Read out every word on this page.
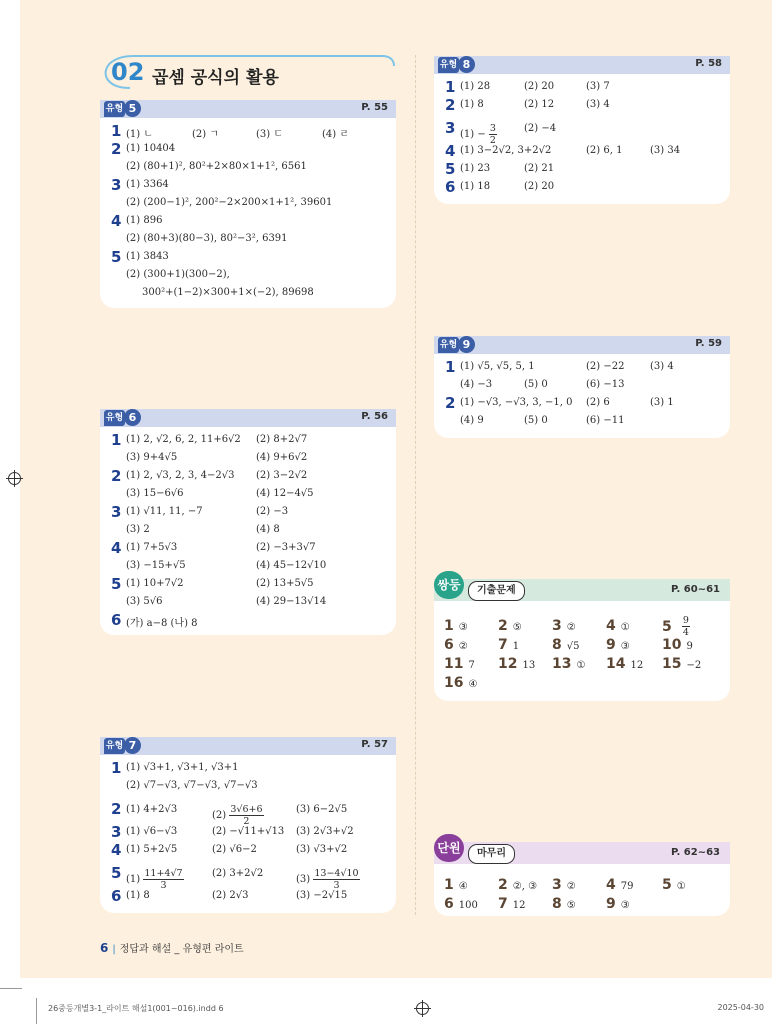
02 곱셈 공식의 활용
유형 5	P. 55
1 (1) ㄴ	(2) ㄱ	(3) ㄷ	(4) ㄹ
2 (1) 10404
(2) (80+1)², 80²+2×80×1+1², 6561
3 (1) 3364
(2) (200−1)², 200²−2×200×1+1², 39601
4 (1) 896
(2) (80+3)(80−3), 80²−3², 6391
5 (1) 3843
(2) (300+1)(300−2),
300²+(1−2)×300+1×(−2), 89698
유형 6	P. 56
1 (1) 2, √2, 6, 2, 11+6√2 (2) 8+2√7
(3) 9+4√5	(4) 9+6√2
2 (1) 2, √3, 2, 3, 4−2√3 (2) 3−2√2
(3) 15−6√6	(4) 12−4√5
3 (1) √11, 11, −7	(2) −3
(3) 2	(4) 8
4 (1) 7+5√3	(2) −3+3√7
(3) −15+√5	(4) 45−12√10
5 (1) 10+7√2	(2) 13+5√5
(3) 5√6	(4) 29−13√14
6 (가) a−8 (나) 8
유형 7	P. 57
1 (1) √3+1, √3+1, √3+1
(2) √7−√3, √7−√3, √7−√3
2 (1) 4+2√3
$(2) \frac{3√6+6}{2}$	(3) 6−2√5
3 (1) √6−√3	(2) −√11+√13 (3) 2√3+√2
4 (1) 5+2√5	(2) √6−2	(3) √3+√2
5 $(1) \frac{11+4√7}{3}$	(2) 3+2√2
$(3) \frac{13-4√10}{3}$
6 (1) 8	(2) 2√3	(3) −2√15
유형 8	P. 58
1 (1) 28	(2) 20	(3) 7
2 (1) 8	(2) 12	(3) 4
3 $(1) - \frac{3}{2}$	(2) −4
4 (1) 3−2√2, 3+2√2	(2) 6, 1	(3) 34
5 (1) 23	(2) 21
6 (1) 18	(2) 20
유형 9	P. 59
1 (1) √5, √5, 5, 1	(2) −22	(3) 4
(4) −3	(5) 0	(6) −13
2 (1) −√3, −√3, 3, −1, 0 (2) 6	(3) 1
(4) 9	(5) 0	(6) −11
쌍둥이
기출문제	P. 60~61
1 ③ 2 ⑤ 3 ② 4 ① $5 \frac{9}{4}$
6 ② 7 1 8 √5 9 ③ 10 9
11 7 12 13 13 ① 14 12 15 −2
16 ④
단원	마무리	P. 62~63
1 ④ 2 ②, ③ 3 ② 4 79 5 ①
6 100 7 12 8 ⑤ 9 ③
6 | 정답과 해설 _ 유형편 라이트
26중등개별3-1_라이트 해설1(001~016).indd 6	2025-04-30
